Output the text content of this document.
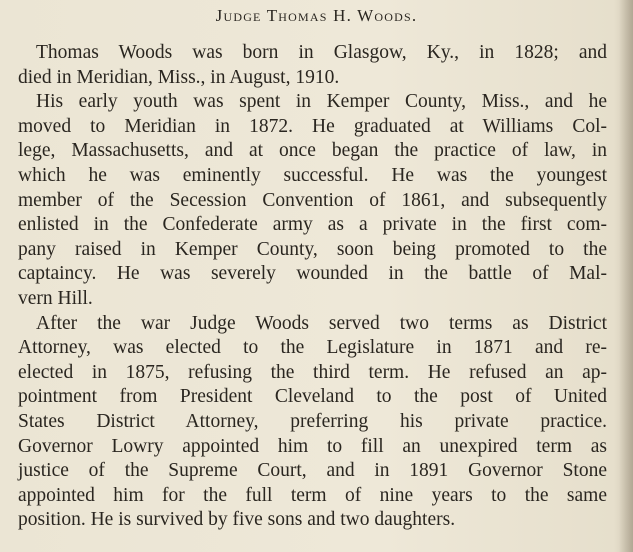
Judge Thomas H. Woods.
Thomas Woods was born in Glasgow, Ky., in 1828; and
died in Meridian, Miss., in August, 1910.
His early youth was spent in Kemper County, Miss., and he
moved to Meridian in 1872. He graduated at Williams Col-
lege, Massachusetts, and at once began the practice of law, in
which he was eminently successful. He was the youngest
member of the Secession Convention of 1861, and subsequently
enlisted in the Confederate army as a private in the first com-
pany raised in Kemper County, soon being promoted to the
captaincy. He was severely wounded in the battle of Mal-
vern Hill.
After the war Judge Woods served two terms as District
Attorney, was elected to the Legislature in 1871 and re-
elected in 1875, refusing the third term. He refused an ap-
pointment from President Cleveland to the post of United
States District Attorney, preferring his private practice.
Governor Lowry appointed him to fill an unexpired term as
justice of the Supreme Court, and in 1891 Governor Stone
appointed him for the full term of nine years to the same
position. He is survived by five sons and two daughters.
